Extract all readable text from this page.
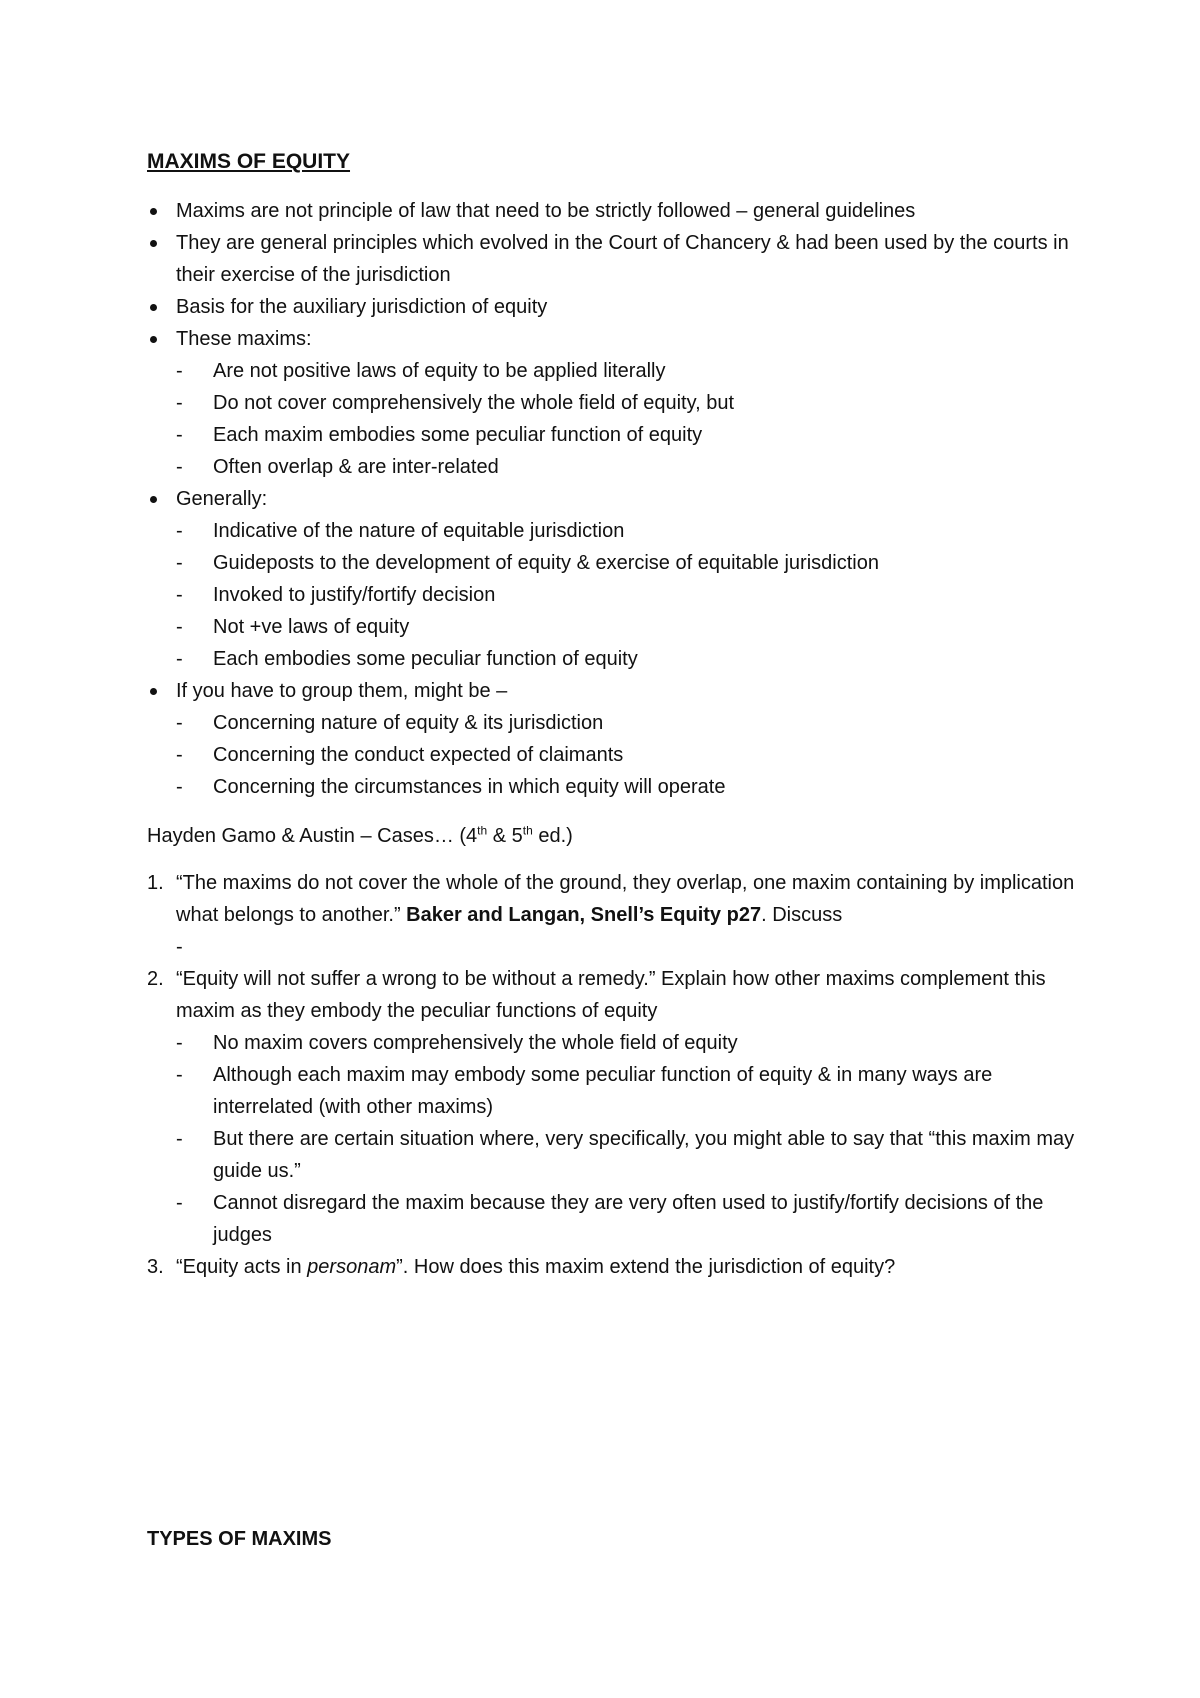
MAXIMS OF EQUITY
Maxims are not principle of law that need to be strictly followed – general guidelines
They are general principles which evolved in the Court of Chancery & had been used by the courts in their exercise of the jurisdiction
Basis for the auxiliary jurisdiction of equity
These maxims:
- Are not positive laws of equity to be applied literally
- Do not cover comprehensively the whole field of equity, but
- Each maxim embodies some peculiar function of equity
- Often overlap & are inter-related
Generally:
- Indicative of the nature of equitable jurisdiction
- Guideposts to the development of equity & exercise of equitable jurisdiction
- Invoked to justify/fortify decision
- Not +ve laws of equity
- Each embodies some peculiar function of equity
If you have to group them, might be –
- Concerning nature of equity & its jurisdiction
- Concerning the conduct expected of claimants
- Concerning the circumstances in which equity will operate
Hayden Gamo & Austin – Cases… (4th & 5th ed.)
1. “The maxims do not cover the whole of the ground, they overlap, one maxim containing by implication what belongs to another.” Baker and Langan, Snell’s Equity p27. Discuss
-
2. “Equity will not suffer a wrong to be without a remedy.” Explain how other maxims complement this maxim as they embody the peculiar functions of equity
- No maxim covers comprehensively the whole field of equity
- Although each maxim may embody some peculiar function of equity & in many ways are interrelated (with other maxims)
- But there are certain situation where, very specifically, you might able to say that “this maxim may guide us.”
- Cannot disregard the maxim because they are very often used to justify/fortify decisions of the judges
3. “Equity acts in personam”. How does this maxim extend the jurisdiction of equity?
TYPES OF MAXIMS
